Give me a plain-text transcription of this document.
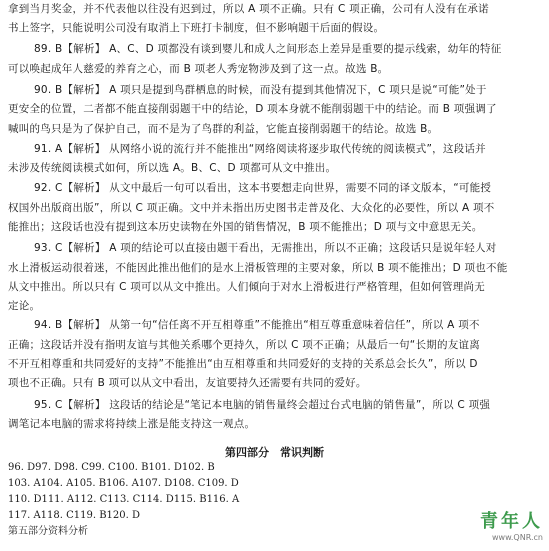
拿到当月奖金，并不代表他以往没有迟到过，所以 A 项不正确。只有 C 项正确，公司有人没有在承诺
书上签字，只能说明公司没有取消上下班打卡制度，但不影响题干后面的假设。
89. B【解析】 A、C、D 项都没有谈到婴儿和成人之间形态上差异是重要的提示线索，幼年的特征
可以唤起成年人慈爱的养育之心，而 B 项老人秀宠物涉及到了这一点。故选 B。
90. B【解析】 A 项只是提到鸟群栖息的时候，而没有提到其他情况下，C 项只是说“可能”处于
更安全的位置，二者都不能直接削弱题干中的结论，D 项本身就不能削弱题干中的结论。而 B 项强调了
喊叫的鸟只是为了保护自己，而不是为了鸟群的利益，它能直接削弱题干的结论。故选 B。
91. A【解析】 从网络小说的流行并不能推出“网络阅读将逐步取代传统的阅读模式”，这段话并
未涉及传统阅读模式如何，所以选 A。B、C、D 项都可从文中推出。
92. C【解析】 从文中最后一句可以看出，这本书要想走向世界，需要不同的译文版本，“可能授
权国外出版商出版”，所以 C 项正确。文中并未指出历史图书走普及化、大众化的必要性，所以 A 项不
能推出；这段话也没有提到这本历史读物在外国的销售情况，B 项不能推出；D 项与文中意思无关。
93. C【解析】 A 项的结论可以直接由题干看出，无需推出，所以不正确；这段话只是说年轻人对
水上滑板运动很着迷，不能因此推出他们的是水上滑板管理的主要对象，所以 B 项不能推出；D 项也不能
从文中推出。所以只有 C 项可以从文中推出。人们倾向于对水上滑板进行严格管理，但如何管理尚无
定论。
94. B【解析】 从第一句“信任离不开互相尊重”不能推出“相互尊重意味着信任”，所以 A 项不
正确；这段话并没有指明友谊与其他关系哪个更持久，所以 C 项不正确；从最后一句“长期的友谊离
不开互相尊重和共同爱好的支持”不能推出“由互相尊重和共同爱好的支持的关系总会长久”，所以 D
项也不正确。只有 B 项可以从文中看出，友谊要持久还需要有共同的爱好。
95. C【解析】 这段话的结论是“笔记本电脑的销售量终会超过台式电脑的销售量”，所以 C 项强
调笔记本电脑的需求将持续上涨是能支持这一观点。
第四部分　常识判断
96. D97. D98. C99. C100. B101. D102. B
103. A104. A105. B106. A107. D108. C109. D
110. D111. A112. C113. C114. D115. B116. A
117. A118. C119. B120. D	青年人
www.QNR.cn
第五部分资料分析
